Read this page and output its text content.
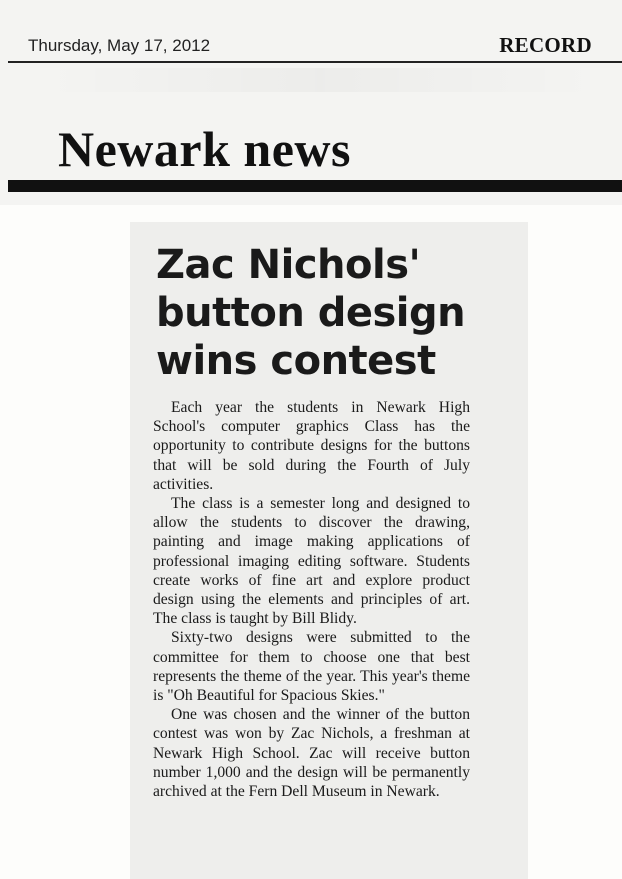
Thursday, May 17, 2012	RECORD
Newark news
Zac Nichols'
button design
wins contest

Each year the students in Newark High School's computer graphics Class has the opportunity to contribute designs for the buttons that will be sold during the Fourth of July activities.

The class is a semester long and designed to allow the students to discover the drawing, painting and image making applications of professional imaging editing software. Students create works of fine art and explore product design using the elements and principles of art. The class is taught by Bill Blidy.

Sixty-two designs were submitted to the committee for them to choose one that best represents the theme of the year. This year's theme is "Oh Beautiful for Spacious Skies."

One was chosen and the winner of the button contest was won by Zac Nichols, a freshman at Newark High School. Zac will receive button number 1,000 and the design will be permanently archived at the Fern Dell Museum in Newark.
